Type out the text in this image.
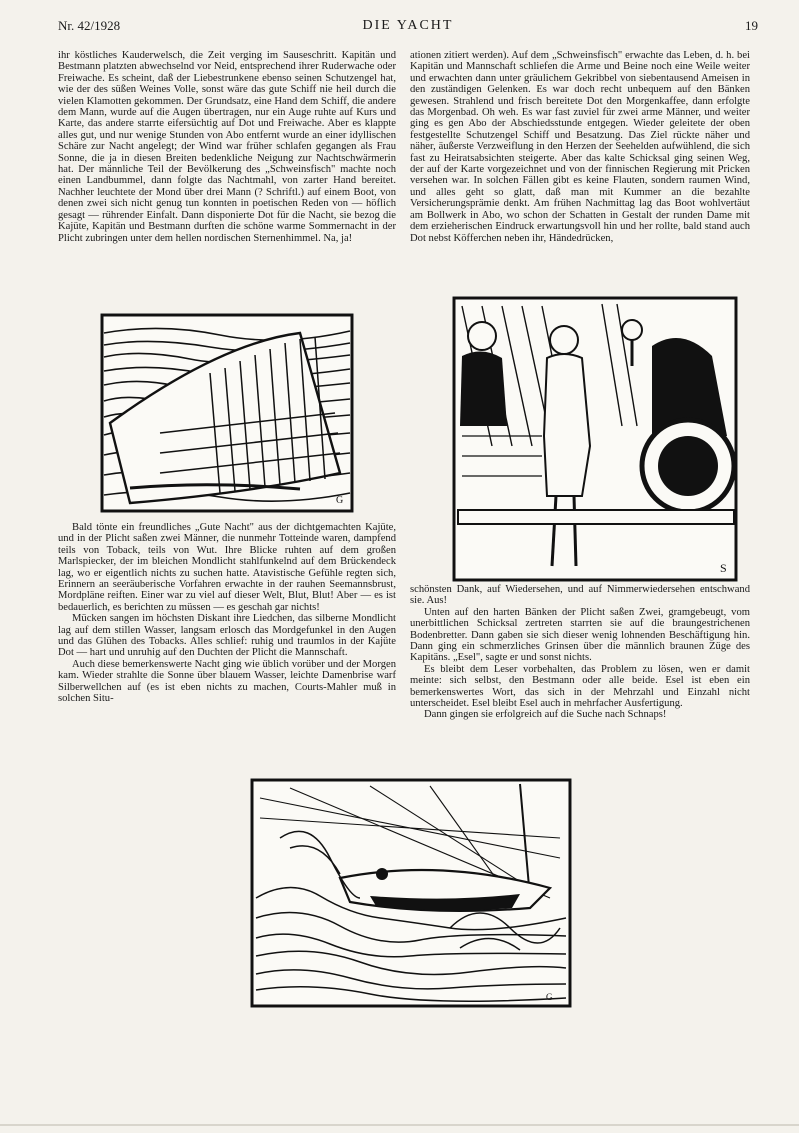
Nr. 42/1928	DIE YACHT	19

ihr köstliches Kauderwelsch, die Zeit verging im Sauseschritt. Kapitän und Bestmann platzten abwechselnd vor Neid, entsprechend ihrer Ruderwache oder Freiwache. Es scheint, daß der Liebestrunkene ebenso seinen Schutzengel hat, wie der des süßen Weines Volle, sonst wäre das gute Schiff nie heil durch die vielen Klamotten gekommen. Der Grundsatz, eine Hand dem Schiff, die andere dem Mann, wurde auf die Augen übertragen, nur ein Auge ruhte auf Kurs und Karte, das andere starrte eifersüchtig auf Dot und Freiwache. Aber es klappte alles gut, und nur wenige Stunden von Abo entfernt wurde an einer idyllischen Schäre zur Nacht angelegt; der Wind war früher schlafen gegangen als Frau Sonne, die ja in diesen Breiten bedenkliche Neigung zur Nachtschwärmerin hat. Der männliche Teil der Bevölkerung des „Schweinsfisch" machte noch einen Landbummel, dann folgte das Nachtmahl, von zarter Hand bereitet. Nachher leuchtete der Mond über drei Mann (? Schriftl.) auf einem Boot, von denen zwei sich nicht genug tun konnten in poetischen Reden von — höflich gesagt — rührender Einfalt. Dann disponierte Dot für die Nacht, sie bezog die Kajüte, Kapitän und Bestmann durften die schöne warme Sommernacht in der Plicht zubringen unter dem hellen nordischen Sternenhimmel. Na, ja!

ationen zitiert werden). Auf dem „Schweinsfisch" erwachte das Leben, d. h. bei Kapitän und Mannschaft schliefen die Arme und Beine noch eine Weile weiter und erwachten dann unter gräulichem Gekribbel von siebentausend Ameisen in den zuständigen Gelenken. Es war doch recht unbequem auf den Bänken gewesen. Strahlend und frisch bereitete Dot den Morgenkaffee, dann erfolgte das Morgenbad. Oh weh. Es war fast zuviel für zwei arme Männer, und weiter ging es gen Abo der Abschiedsstunde entgegen. Wieder geleitete der oben festgestellte Schutzengel Schiff und Besatzung. Das Ziel rückte näher und näher, äußerste Verzweiflung in den Herzen der Seehelden aufwühlend, die sich fast zu Heiratsabsichten steigerte. Aber das kalte Schicksal ging seinen Weg, der auf der Karte vorgezeichnet und von der finnischen Regierung mit Pricken versehen war. In solchen Fällen gibt es keine Flauten, sondern raumen Wind, und alles geht so glatt, daß man mit Kummer an die bezahlte Versicherungsprämie denkt. Am frühen Nachmittag lag das Boot wohlvertäut am Bollwerk in Abo, wo schon der Schatten in Gestalt der runden Dame mit dem erzieherischen Eindruck erwartungsvoll hin und her rollte, bald stand auch Dot nebst Köfferchen neben ihr, Händedrücken,

G
S

Bald tönte ein freundliches „Gute Nacht" aus der dichtgemachten Kajüte, und in der Plicht saßen zwei Männer, die nunmehr Totteinde waren, dampfend teils von Toback, teils von Wut. Ihre Blicke ruhten auf dem großen Marlspiecker, der im bleichen Mondlicht stahlfunkelnd auf dem Brückendeck lag, wo er eigentlich nichts zu suchen hatte. Atavistische Gefühle regten sich, Erinnern an seeräuberische Vorfahren erwachte in der rauhen Seemannsbrust, Mordpläne reiften. Einer war zu viel auf dieser Welt, Blut, Blut! Aber — es ist bedauerlich, es berichten zu müssen — es geschah gar nichts!

Mücken sangen im höchsten Diskant ihre Liedchen, das silberne Mondlicht lag auf dem stillen Wasser, langsam erlosch das Mordgefunkel in den Augen und das Glühen des Tobacks. Alles schlief: ruhig und traumlos in der Kajüte Dot — hart und unruhig auf den Duchten der Plicht die Mannschaft.

Auch diese bemerkenswerte Nacht ging wie üblich vorüber und der Morgen kam. Wieder strahlte die Sonne über blauem Wasser, leichte Damenbrise warf Silberwellchen auf (es ist eben nichts zu machen, Courts-Mahler muß in solchen Situ-

schönsten Dank, auf Wiedersehen, und auf Nimmerwiedersehen entschwand sie. Aus!

Unten auf den harten Bänken der Plicht saßen Zwei, gramgebeugt, vom unerbittlichen Schicksal zertreten starrten sie auf die braungestrichenen Bodenbretter. Dann gaben sie sich dieser wenig lohnenden Beschäftigung hin. Dann ging ein schmerzliches Grinsen über die männlich braunen Züge des Kapitäns. „Esel", sagte er und sonst nichts.

Es bleibt dem Leser vorbehalten, das Problem zu lösen, wen er damit meinte: sich selbst, den Bestmann oder alle beide. Esel ist eben ein bemerkenswertes Wort, das sich in der Mehrzahl und Einzahl nicht unterscheidet. Esel bleibt Esel auch in mehrfacher Ausfertigung.

Dann gingen sie erfolgreich auf die Suche nach Schnaps!

G
